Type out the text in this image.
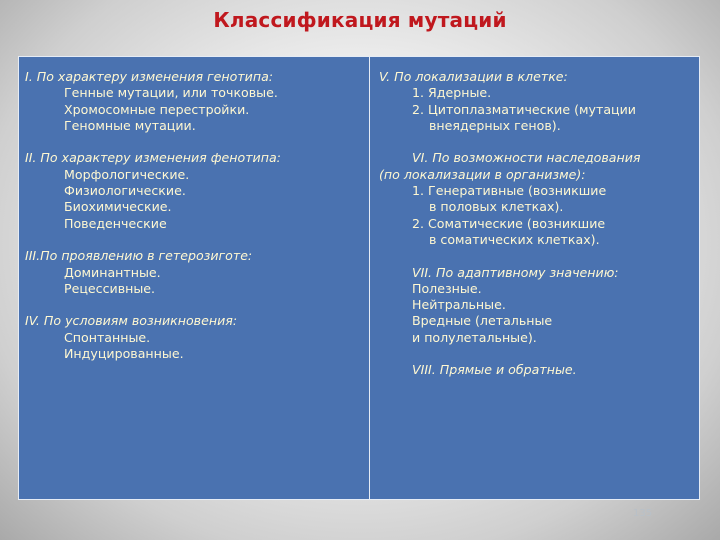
Классификация мутаций
I. По характеру изменения генотипа:
Генные мутации, или точковые.
Хромосомные перестройки.
Геномные мутации.
II. По характеру изменения фенотипа:
Морфологические.
Физиологические.
Биохимические.
Поведенческие
III.По проявлению в гетерозиготе:
Доминантные.
Рецессивные.
IV. По условиям возникновения:
Спонтанные.
Индуцированные.
V. По локализации в клетке:
1. Ядерные.
2. Цитоплазматические (мутации
внеядерных генов).
VI. По возможности наследования
(по локализации в организме):
1. Генеративные (возникшие
в половых клетках).
2. Соматические (возникшие
в соматических клетках).
VII. По адаптивному значению:
Полезные.
Нейтральные.
Вредные (летальные
и полулетальные).
VIII. Прямые и обратные.
135
